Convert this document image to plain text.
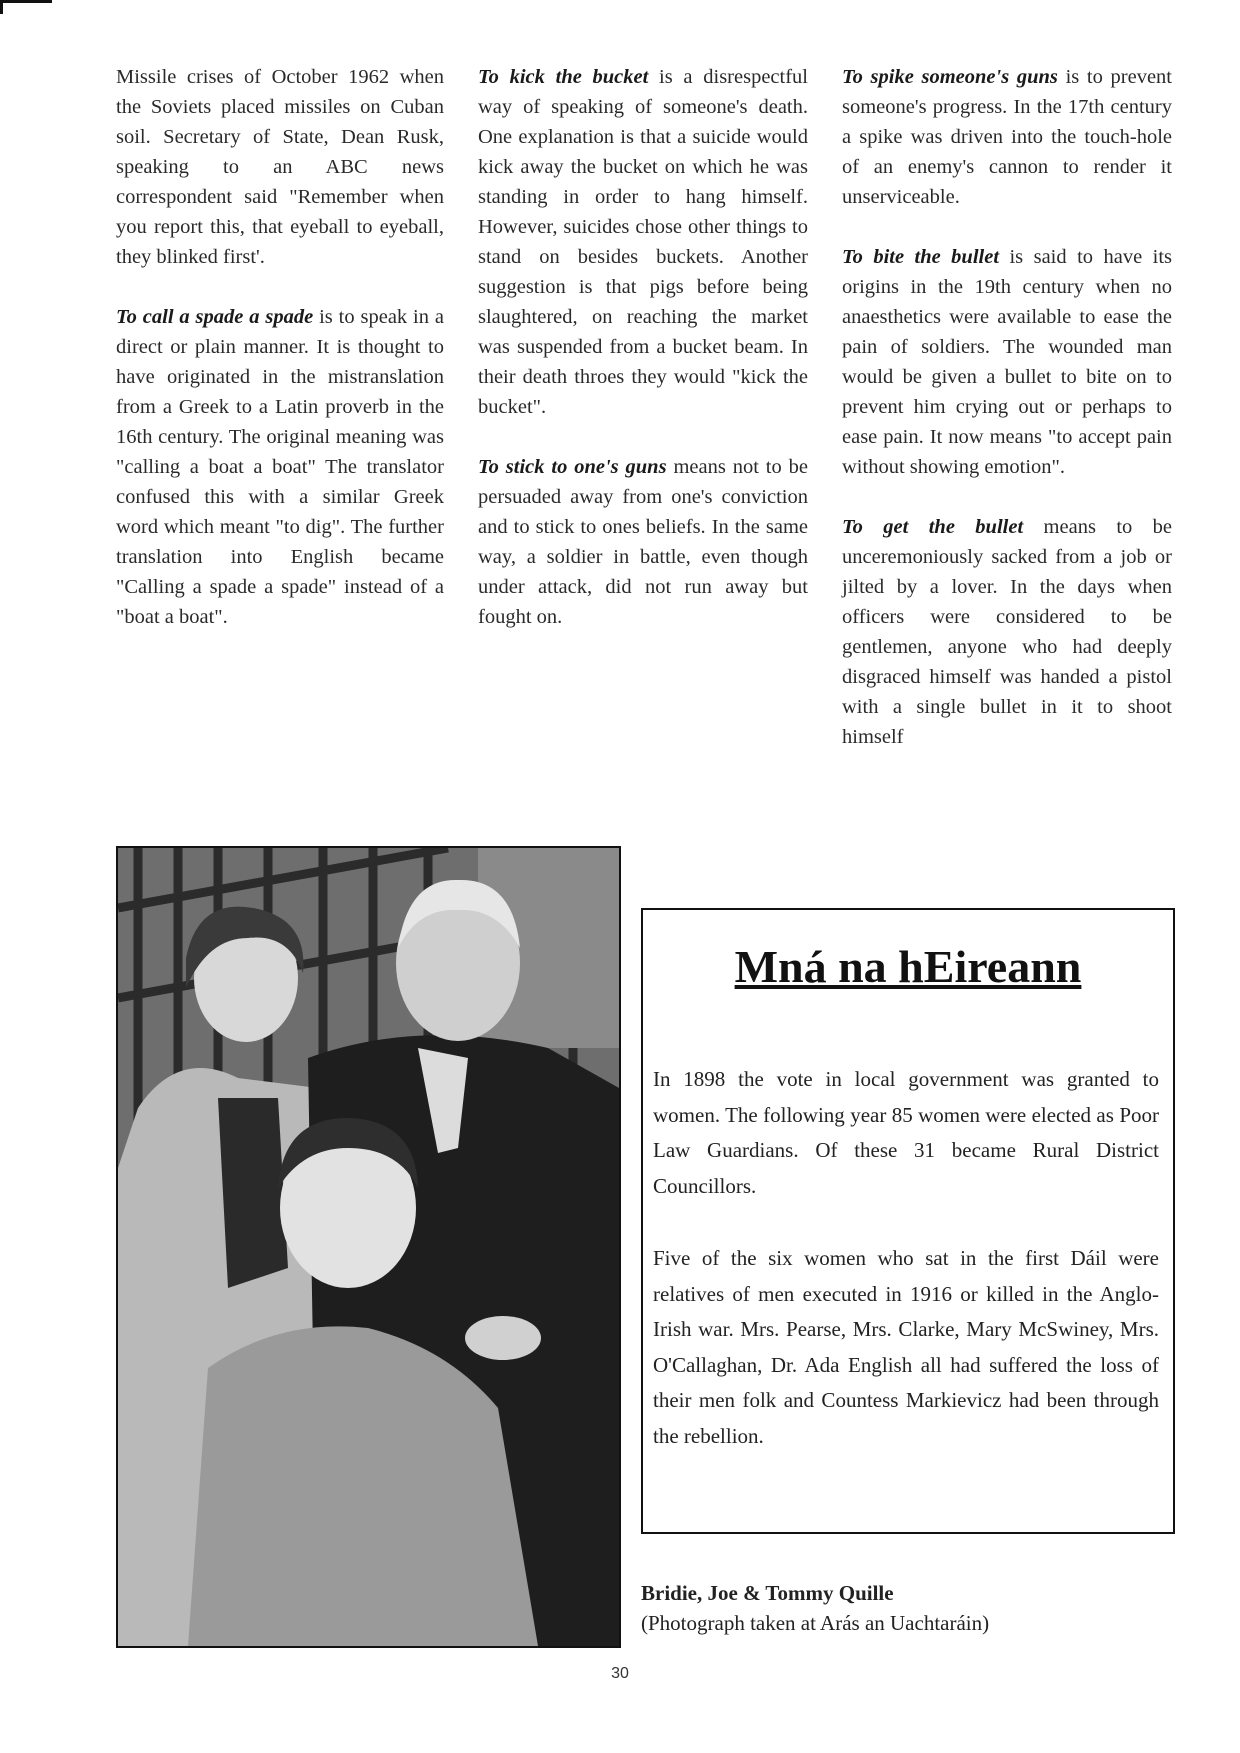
Missile crises of October 1962 when the Soviets placed missiles on Cuban soil. Secretary of State, Dean Rusk, speaking to an ABC news correspondent said "Remember when you report this, that eyeball to eyeball, they blinked first'.

To call a spade a spade is to speak in a direct or plain manner. It is thought to have originated in the mistranslation from a Greek to a Latin proverb in the 16th century. The original meaning was "calling a boat a boat" The translator confused this with a similar Greek word which meant "to dig". The further translation into English became "Calling a spade a spade" instead of a "boat a boat".

To kick the bucket is a disrespectful way of speaking of someone's death. One explanation is that a suicide would kick away the bucket on which he was standing in order to hang himself. However, suicides chose other things to stand on besides buckets. Another suggestion is that pigs before being slaughtered, on reaching the market was suspended from a bucket beam. In their death throes they would "kick the bucket".

To stick to one's guns means not to be persuaded away from one's conviction and to stick to ones beliefs. In the same way, a soldier in battle, even though under attack, did not run away but fought on.

To spike someone's guns is to prevent someone's progress. In the 17th century a spike was driven into the touch-hole of an enemy's cannon to render it unserviceable.

To bite the bullet is said to have its origins in the 19th century when no anaesthetics were available to ease the pain of soldiers. The wounded man would be given a bullet to bite on to prevent him crying out or perhaps to ease pain. It now means "to accept pain without showing emotion".

To get the bullet means to be unceremoniously sacked from a job or jilted by a lover. In the days when officers were considered to be gentlemen, anyone who had deeply disgraced himself was handed a pistol with a single bullet in it to shoot himself

Mná na hEireann

In 1898 the vote in local government was granted to women. The following year 85 women were elected as Poor Law Guardians. Of these 31 became Rural District Councillors.

Five of the six women who sat in the first Dáil were relatives of men executed in 1916 or killed in the Anglo-Irish war. Mrs. Pearse, Mrs. Clarke, Mary McSwiney, Mrs. O'Callaghan, Dr. Ada English all had suffered the loss of their men folk and Countess Markievicz had been through the rebellion.

Bridie, Joe & Tommy Quille
(Photograph taken at Arás an Uachtaráin)
30
